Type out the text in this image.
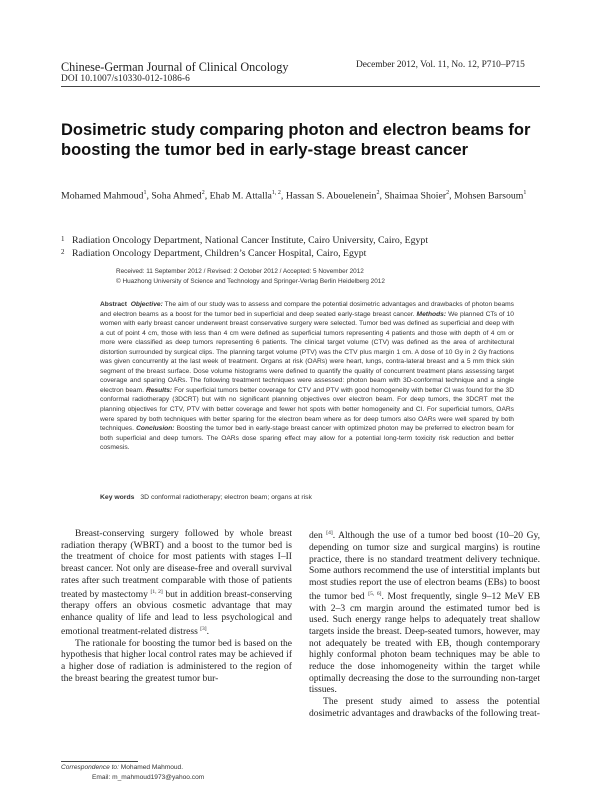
Chinese-German Journal of Clinical Oncology
DOI 10.1007/s10330-012-1086-6
December 2012, Vol. 11, No. 12, P710–P715
Dosimetric study comparing photon and electron beams for boosting the tumor bed in early-stage breast cancer
Mohamed Mahmoud$^1$, Soha Ahmed$^2$, Ehab M. Attalla$^{1, 2}$, Hassan S. Abouelenein$^2$, Shaimaa Shoier$^2$, Mohsen Barsoum$^1$
1 Radiation Oncology Department, National Cancer Institute, Cairo University, Cairo, Egypt
2 Radiation Oncology Department, Children’s Cancer Hospital, Cairo, Egypt
Received: 11 September 2012 / Revised: 2 October 2012 / Accepted: 5 November 2012
© Huazhong University of Science and Technology and Springer-Verlag Berlin Heidelberg 2012
Abstract Objective: The aim of our study was to assess and compare the potential dosimetric advantages and drawbacks of photon beams and electron beams as a boost for the tumor bed in superficial and deep seated early-stage breast cancer. Methods: We planned CTs of 10 women with early breast cancer underwent breast conservative surgery were selected. Tumor bed was defined as superficial and deep with a cut of point 4 cm, those with less than 4 cm were defined as superficial tumors representing 4 patients and those with depth of 4 cm or more were classified as deep tumors representing 6 patients. The clinical target volume (CTV) was defined as the area of architectural distortion surrounded by surgical clips. The planning target volume (PTV) was the CTV plus margin 1 cm. A dose of 10 Gy in 2 Gy fractions was given concurrently at the last week of treatment. Organs at risk (OARs) were heart, lungs, contra-lateral breast and a 5 mm thick skin segment of the breast surface. Dose volume histograms were defined to quantify the quality of concurrent treatment plans assessing target coverage and sparing OARs. The following treatment techniques were assessed: photon beam with 3D-conformal technique and a single electron beam. Results: For superficial tumors better coverage for CTV and PTV with good homogeneity with better CI was found for the 3D conformal radiotherapy (3DCRT) but with no significant planning objectives over electron beam. For deep tumors, the 3DCRT met the planning objectives for CTV, PTV with better coverage and fewer hot spots with better homogeneity and CI. For superficial tumors, OARs were spared by both techniques with better sparing for the electron beam where as for deep tumors also OARs were well spared by both techniques. Conclusion: Boosting the tumor bed in early-stage breast cancer with optimized photon may be preferred to electron beam for both superficial and deep tumors. The OARs dose sparing effect may allow for a potential long-term toxicity risk reduction and better cosmesis.
Key words 3D conformal radiotherapy; electron beam; organs at risk

Breast-conserving surgery followed by whole breast radiation therapy (WBRT) and a boost to the tumor bed is the treatment of choice for most patients with stages I–II breast cancer. Not only are disease-free and overall survival rates after such treatment comparable with those of patients treated by mastectomy [1, 2] but in addition breast-conserving therapy offers an obvious cosmetic advantage that may enhance quality of life and lead to less psychological and emotional treatment-related distress [3].

The rationale for boosting the tumor bed is based on the hypothesis that higher local control rates may be achieved if a higher dose of radiation is administered to the region of the breast bearing the greatest tumor bur-

den [4]. Although the use of a tumor bed boost (10–20 Gy, depending on tumor size and surgical margins) is routine practice, there is no standard treatment delivery technique. Some authors recommend the use of interstitial implants but most studies report the use of electron beams (EBs) to boost the tumor bed [5, 6]. Most frequently, single 9–12 MeV EB with 2–3 cm margin around the estimated tumor bed is used. Such energy range helps to adequately treat shallow targets inside the breast. Deep-seated tumors, however, may not adequately be treated with EB, though contemporary highly conformal photon beam techniques may be able to reduce the dose inhomogeneity within the target while optimally decreasing the dose to the surrounding non-target tissues.

The present study aimed to assess the potential dosimetric advantages and drawbacks of the following treat-

Correspondence to: Mohamed Mahmoud.
Email: m_mahmoud1973@yahoo.com
